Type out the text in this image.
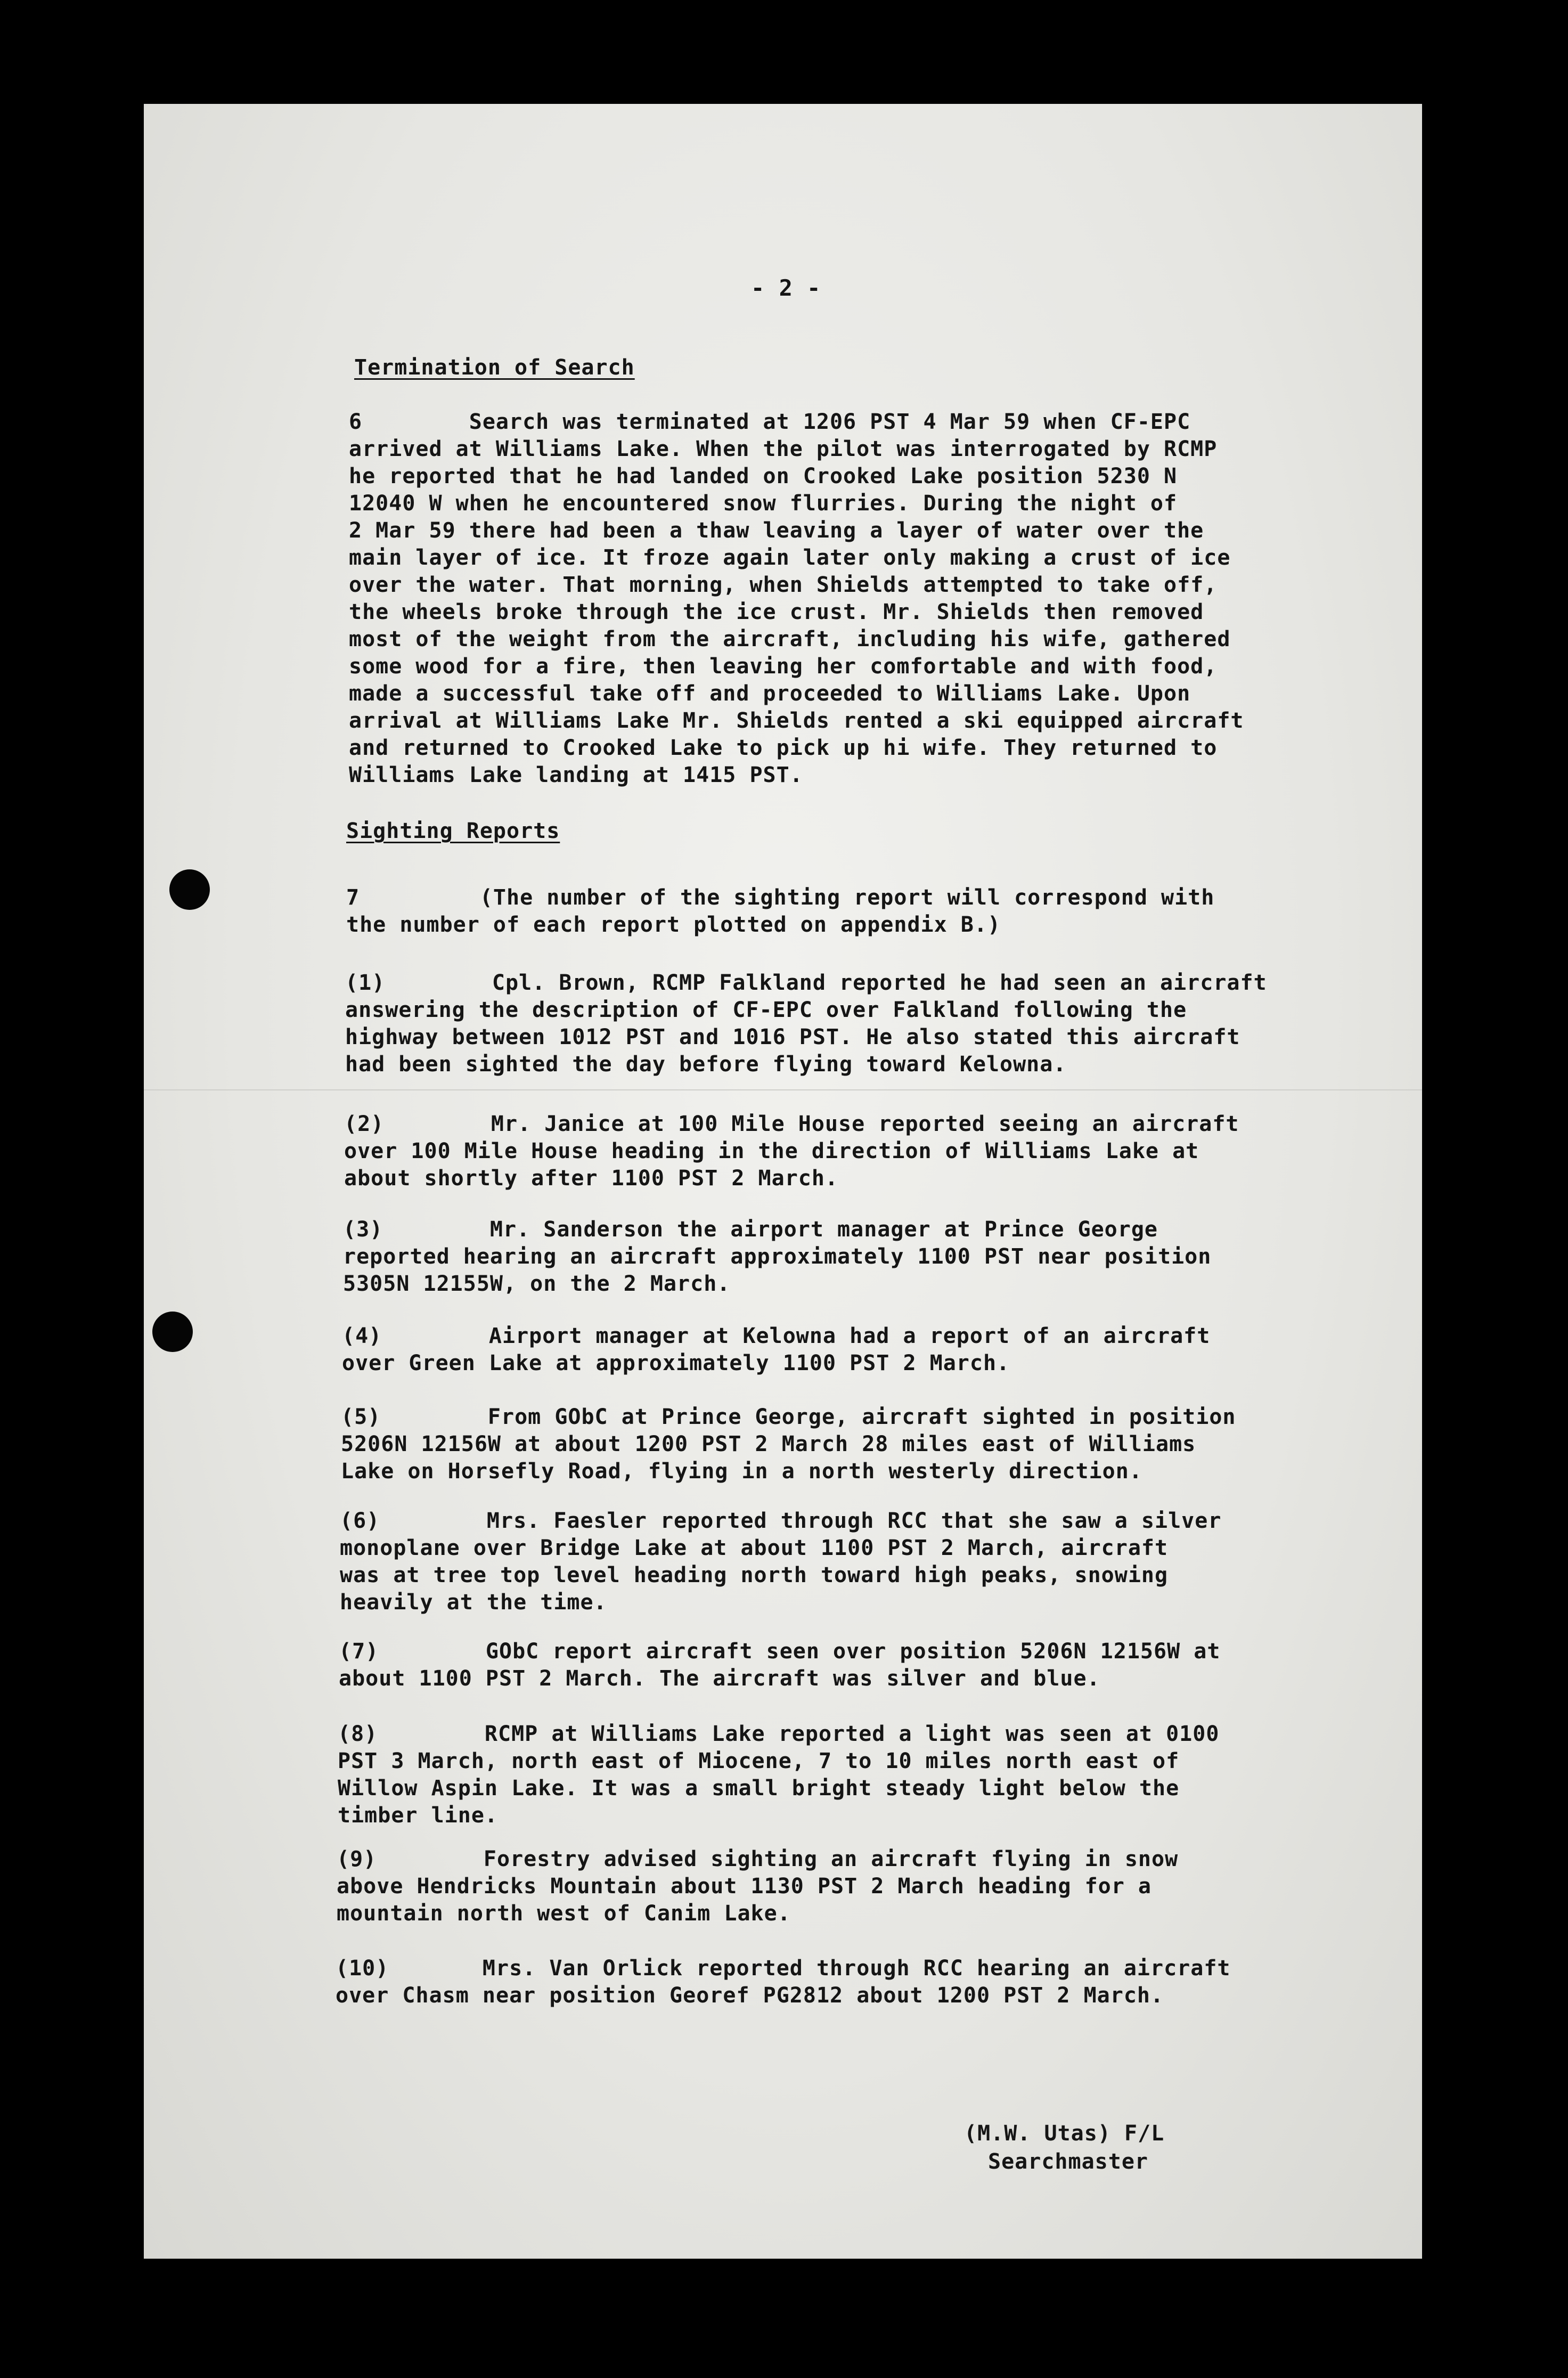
- 2 -
Termination of Search
6        Search was terminated at 1206 PST 4 Mar 59 when CF-EPC
arrived at Williams Lake. When the pilot was interrogated by RCMP
he reported that he had landed on Crooked Lake position 5230 N
12040 W when he encountered snow flurries. During the night of
2 Mar 59 there had been a thaw leaving a layer of water over the
main layer of ice. It froze again later only making a crust of ice
over the water. That morning, when Shields attempted to take off,
the wheels broke through the ice crust. Mr. Shields then removed
most of the weight from the aircraft, including his wife, gathered
some wood for a fire, then leaving her comfortable and with food,
made a successful take off and proceeded to Williams Lake. Upon
arrival at Williams Lake Mr. Shields rented a ski equipped aircraft
and returned to Crooked Lake to pick up hi wife. They returned to
Williams Lake landing at 1415 PST.
Sighting Reports
7         (The number of the sighting report will correspond with
the number of each report plotted on appendix B.)
(1)        Cpl. Brown, RCMP Falkland reported he had seen an aircraft
answering the description of CF-EPC over Falkland following the
highway between 1012 PST and 1016 PST. He also stated this aircraft
had been sighted the day before flying toward Kelowna.
(2)        Mr. Janice at 100 Mile House reported seeing an aircraft
over 100 Mile House heading in the direction of Williams Lake at
about shortly after 1100 PST 2 March.
(3)        Mr. Sanderson the airport manager at Prince George
reported hearing an aircraft approximately 1100 PST near position
5305N 12155W, on the 2 March.
(4)        Airport manager at Kelowna had a report of an aircraft
over Green Lake at approximately 1100 PST 2 March.
(5)        From GObC at Prince George, aircraft sighted in position
5206N 12156W at about 1200 PST 2 March 28 miles east of Williams
Lake on Horsefly Road, flying in a north westerly direction.
(6)        Mrs. Faesler reported through RCC that she saw a silver
monoplane over Bridge Lake at about 1100 PST 2 March, aircraft
was at tree top level heading north toward high peaks, snowing
heavily at the time.
(7)        GObC report aircraft seen over position 5206N 12156W at
about 1100 PST 2 March. The aircraft was silver and blue.
(8)        RCMP at Williams Lake reported a light was seen at 0100
PST 3 March, north east of Miocene, 7 to 10 miles north east of
Willow Aspin Lake. It was a small bright steady light below the
timber line.
(9)        Forestry advised sighting an aircraft flying in snow
above Hendricks Mountain about 1130 PST 2 March heading for a
mountain north west of Canim Lake.
(10)       Mrs. Van Orlick reported through RCC hearing an aircraft
over Chasm near position Georef PG2812 about 1200 PST 2 March.
(M.W. Utas) F/L
Searchmaster
